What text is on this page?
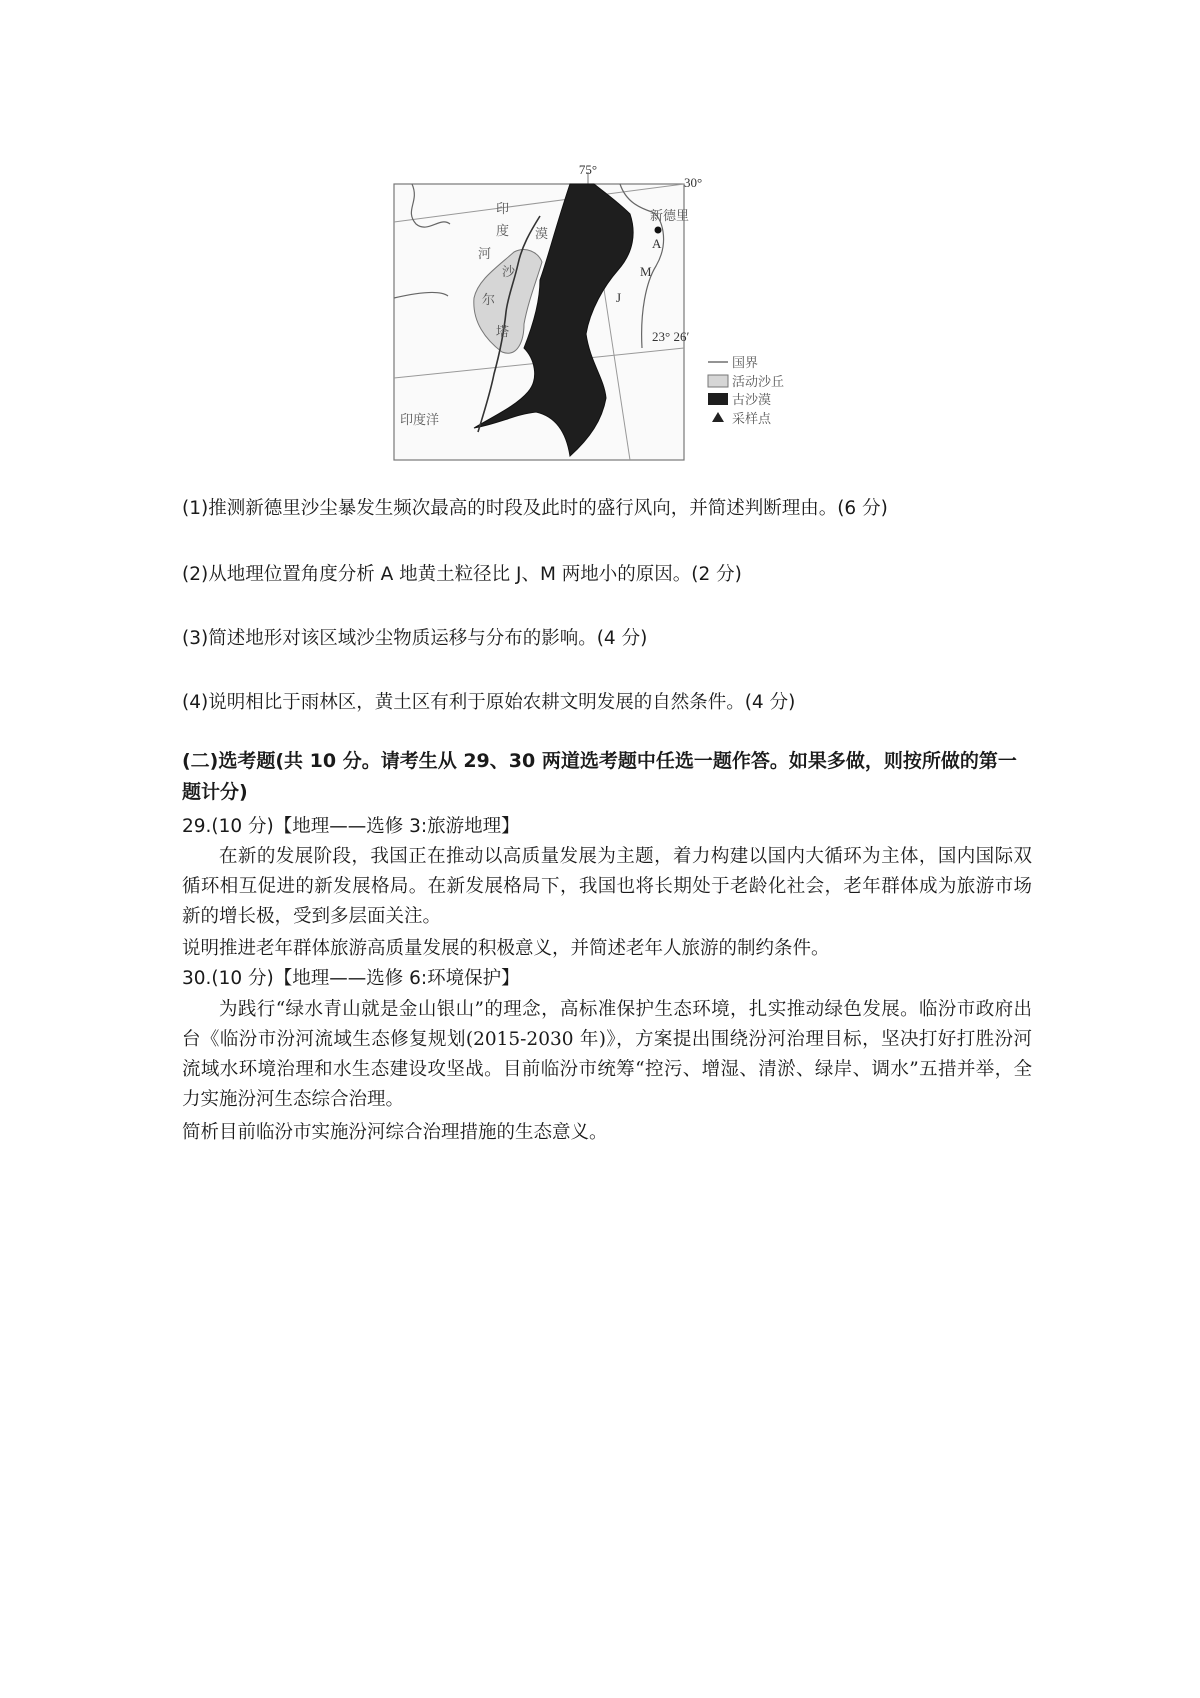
75°
30°
23° 26′
印
度
河
漠
沙
尔
塔
新德里
A
M
J
印度洋
国界
活动沙丘
古沙漠
采样点
(1)推测新德里沙尘暴发生频次最高的时段及此时的盛行风向，并简述判断理由。(6 分)
(2)从地理位置角度分析 A 地黄土粒径比 J、M 两地小的原因。(2 分)
(3)简述地形对该区域沙尘物质运移与分布的影响。(4 分)
(4)说明相比于雨林区，黄土区有利于原始农耕文明发展的自然条件。(4 分)
(二)选考题(共 10 分。请考生从 29、30 两道选考题中任选一题作答。如果多做，则按所做的第一题计分)
29.(10 分)【地理——选修 3:旅游地理】
在新的发展阶段，我国正在推动以高质量发展为主题，着力构建以国内大循环为主体，国内国际双循环相互促进的新发展格局。在新发展格局下，我国也将长期处于老龄化社会，老年群体成为旅游市场新的增长极，受到多层面关注。
说明推进老年群体旅游高质量发展的积极意义，并简述老年人旅游的制约条件。
30.(10 分)【地理——选修 6:环境保护】
为践行“绿水青山就是金山银山”的理念，高标准保护生态环境，扎实推动绿色发展。临汾市政府出台《临汾市汾河流域生态修复规划(2015-2030 年)》，方案提出围绕汾河治理目标，坚决打好打胜汾河流域水环境治理和水生态建设攻坚战。目前临汾市统筹“控污、增湿、清淤、绿岸、调水”五措并举，全力实施汾河生态综合治理。
简析目前临汾市实施汾河综合治理措施的生态意义。
